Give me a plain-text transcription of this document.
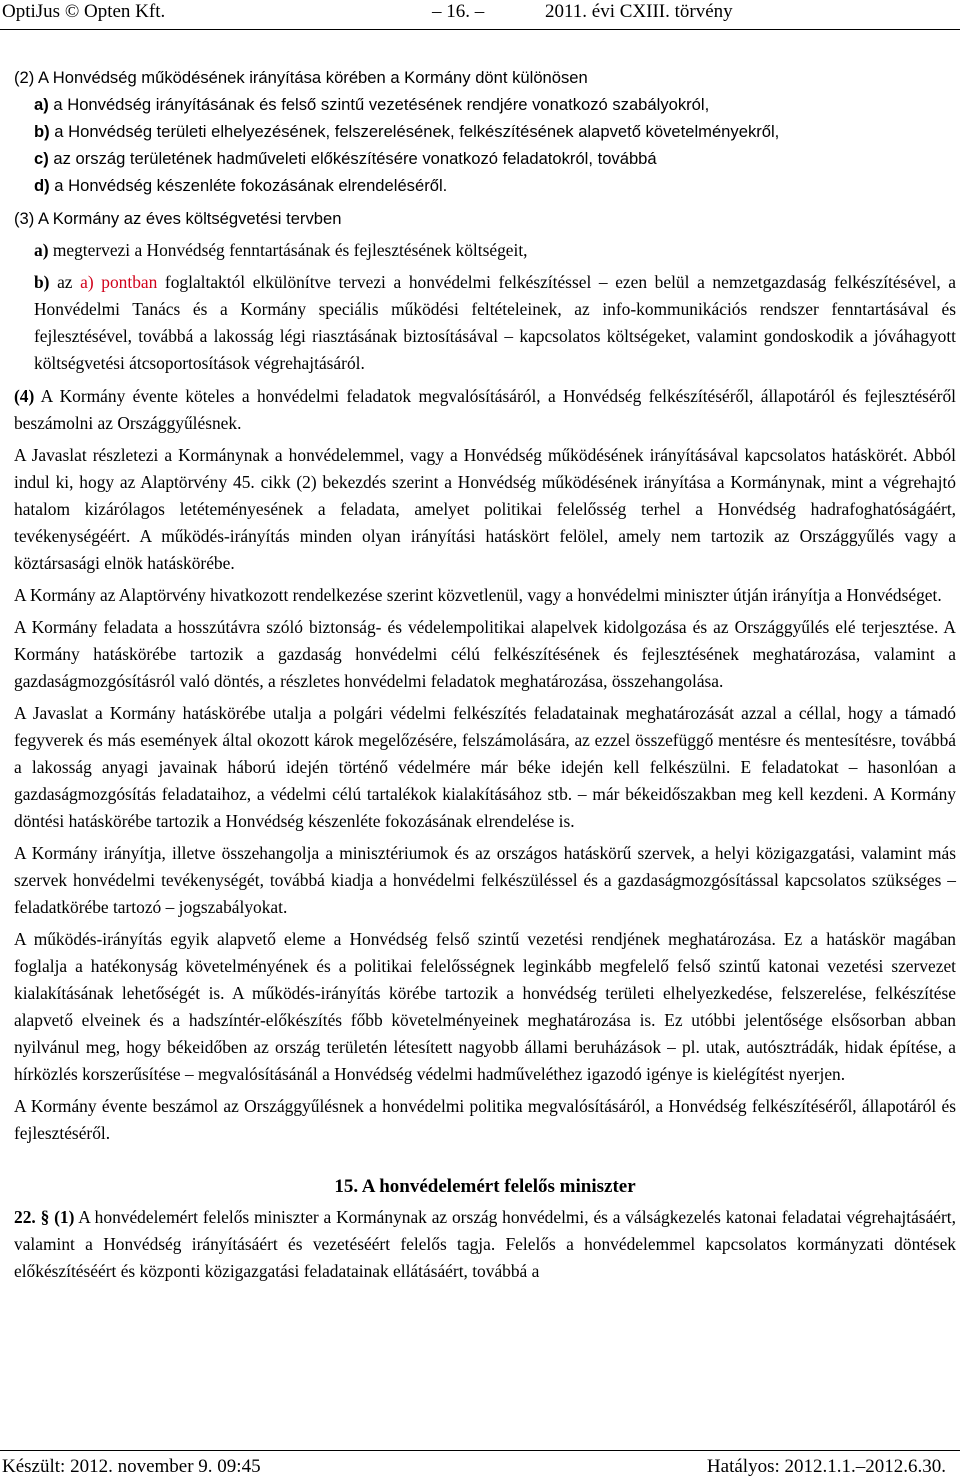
OptiJus © Opten Kft.	– 16. –	2011. évi CXIII. törvény

(2) A Honvédség működésének irányítása körében a Kormány dönt különösen

a) a Honvédség irányításának és felső szintű vezetésének rendjére vonatkozó szabályokról,

b) a Honvédség területi elhelyezésének, felszerelésének, felkészítésének alapvető követelményekről,

c) az ország területének hadműveleti előkészítésére vonatkozó feladatokról, továbbá

d) a Honvédség készenléte fokozásának elrendeléséről.

(3) A Kormány az éves költségvetési tervben

a) megtervezi a Honvédség fenntartásának és fejlesztésének költségeit,

b) az a) pontban foglaltaktól elkülönítve tervezi a honvédelmi felkészítéssel – ezen belül a nemzetgazdaság felkészítésével, a Honvédelmi Tanács és a Kormány speciális működési feltételeinek, az info-kommunikációs rendszer fenntartásával és fejlesztésével, továbbá a lakosság légi riasztásának biztosításával – kapcsolatos költségeket, valamint gondoskodik a jóváhagyott költségvetési átcsoportosítások végrehajtásáról.

(4) A Kormány évente köteles a honvédelmi feladatok megvalósításáról, a Honvédség felkészítéséről, állapotáról és fejlesztéséről beszámolni az Országgyűlésnek.

A Javaslat részletezi a Kormánynak a honvédelemmel, vagy a Honvédség működésének irányításával kapcsolatos hatáskörét. Abból indul ki, hogy az Alaptörvény 45. cikk (2) bekezdés szerint a Honvédség működésének irányítása a Kormánynak, mint a végrehajtó hatalom kizárólagos letéteményesének a feladata, amelyet politikai felelősség terhel a Honvédség hadrafoghatóságáért, tevékenységéért. A működés-irányítás minden olyan irányítási hatáskört felölel, amely nem tartozik az Országgyűlés vagy a köztársasági elnök hatáskörébe.

A Kormány az Alaptörvény hivatkozott rendelkezése szerint közvetlenül, vagy a honvédelmi miniszter útján irányítja a Honvédséget.

A Kormány feladata a hosszútávra szóló biztonság- és védelempolitikai alapelvek kidolgozása és az Országgyűlés elé terjesztése. A Kormány hatáskörébe tartozik a gazdaság honvédelmi célú felkészítésének és fejlesztésének meghatározása, valamint a gazdaságmozgósításról való döntés, a részletes honvédelmi feladatok meghatározása, összehangolása.

A Javaslat a Kormány hatáskörébe utalja a polgári védelmi felkészítés feladatainak meghatározását azzal a céllal, hogy a támadó fegyverek és más események által okozott károk megelőzésére, felszámolására, az ezzel összefüggő mentésre és mentesítésre, továbbá a lakosság anyagi javainak háború idején történő védelmére már béke idején kell felkészülni. E feladatokat – hasonlóan a gazdaságmozgósítás feladataihoz, a védelmi célú tartalékok kialakításához stb. – már békeidőszakban meg kell kezdeni. A Kormány döntési hatáskörébe tartozik a Honvédség készenléte fokozásának elrendelése is.

A Kormány irányítja, illetve összehangolja a minisztériumok és az országos hatáskörű szervek, a helyi közigazgatási, valamint más szervek honvédelmi tevékenységét, továbbá kiadja a honvédelmi felkészüléssel és a gazdaságmozgósítással kapcsolatos szükséges – feladatkörébe tartozó – jogszabályokat.

A működés-irányítás egyik alapvető eleme a Honvédség felső szintű vezetési rendjének meghatározása. Ez a hatáskör magában foglalja a hatékonyság követelményének és a politikai felelősségnek leginkább megfelelő felső szintű katonai vezetési szervezet kialakításának lehetőségét is. A működés-irányítás körébe tartozik a honvédség területi elhelyezkedése, felszerelése, felkészítése alapvető elveinek és a hadszíntér-előkészítés főbb követelményeinek meghatározása is. Ez utóbbi jelentősége elsősorban abban nyilvánul meg, hogy békeidőben az ország területén létesített nagyobb állami beruházások – pl. utak, autósztrádák, hidak építése, a hírközlés korszerűsítése – megvalósításánál a Honvédség védelmi hadműveléthez igazodó igénye is kielégítést nyerjen.

A Kormány évente beszámol az Országgyűlésnek a honvédelmi politika megvalósításáról, a Honvédség felkészítéséről, állapotáról és fejlesztéséről.

15. A honvédelemért felelős miniszter

22. § (1) A honvédelemért felelős miniszter a Kormánynak az ország honvédelmi, és a válságkezelés katonai feladatai végrehajtásáért, valamint a Honvédség irányításáért és vezetéséért felelős tagja. Felelős a honvédelemmel kapcsolatos kormányzati döntések előkészítéséért és központi közigazgatási feladatainak ellátásáért, továbbá a

Készült: 2012. november 9. 09:45	Hatályos: 2012.1.1.–2012.6.30.
